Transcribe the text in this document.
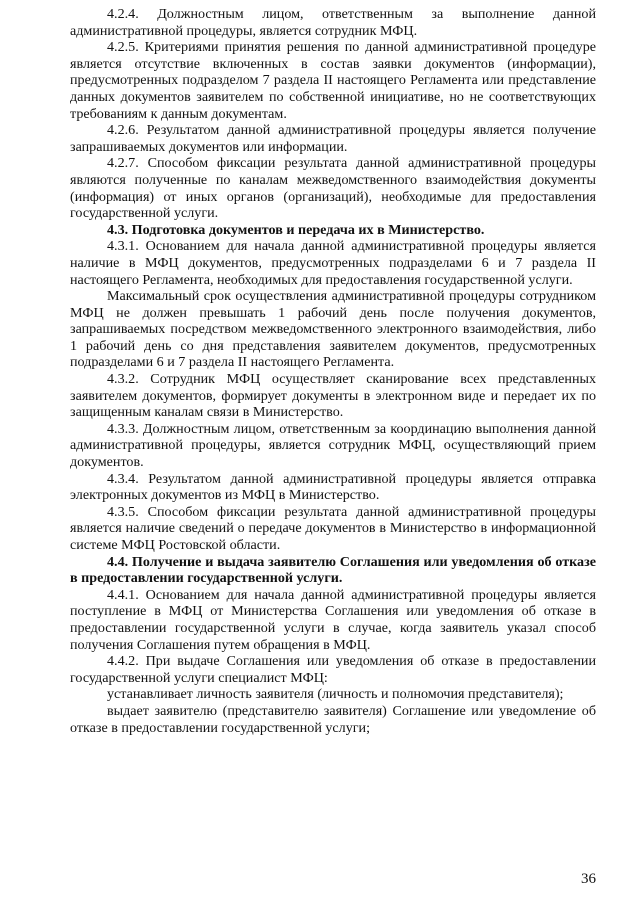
4.2.4. Должностным лицом, ответственным за выполнение данной административной процедуры, является сотрудник МФЦ.

4.2.5. Критериями принятия решения по данной административной процедуре является отсутствие включенных в состав заявки документов (информации), предусмотренных подразделом 7 раздела II настоящего Регламента или представление данных документов заявителем по собственной инициативе, но не соответствующих требованиям к данным документам.

4.2.6. Результатом данной административной процедуры является получение запрашиваемых документов или информации.

4.2.7. Способом фиксации результата данной административной процедуры являются полученные по каналам межведомственного взаимодействия документы (информация) от иных органов (организаций), необходимые для предоставления государственной услуги.

4.3. Подготовка документов и передача их в Министерство.

4.3.1. Основанием для начала данной административной процедуры является наличие в МФЦ документов, предусмотренных подразделами 6 и 7 раздела II настоящего Регламента, необходимых для предоставления государственной услуги.

Максимальный срок осуществления административной процедуры сотрудником МФЦ не должен превышать 1 рабочий день после получения документов, запрашиваемых посредством межведомственного электронного взаимодействия, либо 1 рабочий день со дня представления заявителем документов, предусмотренных подразделами 6 и 7 раздела II настоящего Регламента.

4.3.2. Сотрудник МФЦ осуществляет сканирование всех представленных заявителем документов, формирует документы в электронном виде и передает их по защищенным каналам связи в Министерство.

4.3.3. Должностным лицом, ответственным за координацию выполнения данной административной процедуры, является сотрудник МФЦ, осуществляющий прием документов.

4.3.4. Результатом данной административной процедуры является отправка электронных документов из МФЦ в Министерство.

4.3.5. Способом фиксации результата данной административной процедуры является наличие сведений о передаче документов в Министерство в информационной системе МФЦ Ростовской области.

4.4. Получение и выдача заявителю Соглашения или уведомления об отказе в предоставлении государственной услуги.

4.4.1. Основанием для начала данной административной процедуры является поступление в МФЦ от Министерства Соглашения или уведомления об отказе в предоставлении государственной услуги в случае, когда заявитель указал способ получения Соглашения путем обращения в МФЦ.

4.4.2. При выдаче Соглашения или уведомления об отказе в предоставлении государственной услуги специалист МФЦ:

устанавливает личность заявителя (личность и полномочия представителя);

выдает заявителю (представителю заявителя) Соглашение или уведомление об отказе в предоставлении государственной услуги;

36
